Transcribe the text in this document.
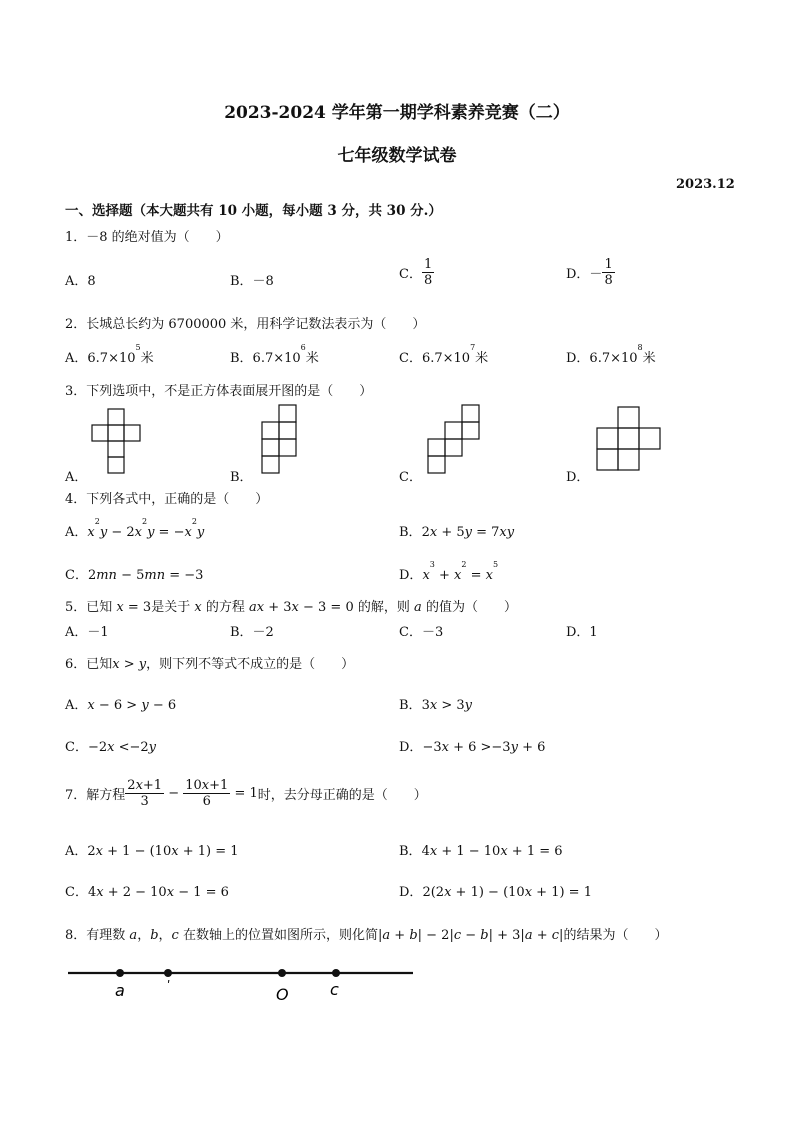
2023-2024 学年第一期学科素养竞赛（二）
七年级数学试卷
2023.12
一、选择题（本大题共有 10 小题，每小题 3 分，共 30 分.）
1．－8 的绝对值为（　　）
A．8	B．－8	C． $\frac{1}{8}$	D．－ $\frac{1}{8}$
2．长城总长约为 6700000 米，用科学记数法表示为（　　）
A．$6.7\times 10^5$米	B．$6.7\times 10^6$米	C．$6.7\times 10^7$米	D．$6.7\times 10^8$米
3．下列选项中，不是正方体表面展开图的是（　　）
A．	B．	C．	D．
4．下列各式中，正确的是（　　）
A．$x^2y - 2x^2y = -x^2y$	B．2x + 5y = 7xy
C．2mn − 5mn = −3	D．$x^3 + x^2 = x^5$
5．已知 x = 3是关于 x 的方程 ax + 3x − 3 = 0 的解，则 a 的值为（　　）
A．－1	B．－2	C．－3	D．1
6．已知x > y，则下列不等式不成立的是（　　）
A．x − 6 > y − 6	B．3x > 3y
C．−2x <−2y	D．−3x + 6 >−3y + 6
7．解方程 $\frac{2x+1}{3} - \frac{10x+1}{6} = 1$时，去分母正确的是（　　）
A．2x + 1 − (10x + 1) = 1	B．4x + 1 − 10x + 1 = 6
C．4x + 2 − 10x − 1 = 6	D．2(2x + 1) − (10x + 1) = 1
8．有理数 a，b，c 在数轴上的位置如图所示，则化简|a + b| − 2|c − b| + 3|a + c|的结果为（　　）
a	ʹ	O	c
